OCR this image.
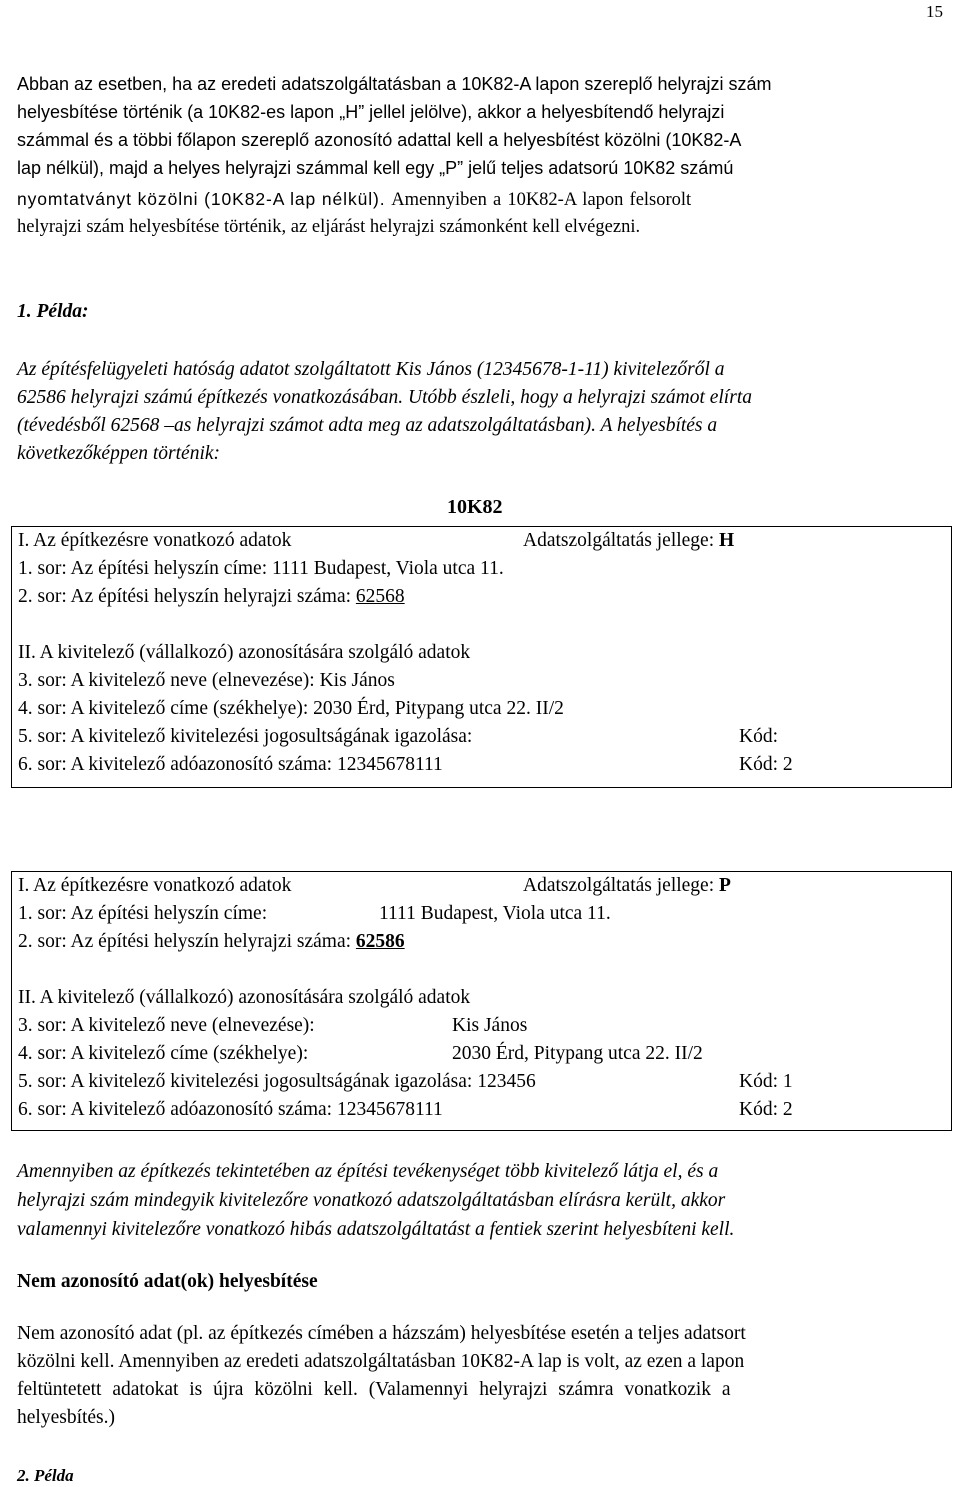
15

Abban az esetben, ha az eredeti adatszolgáltatásban a 10K82-A lapon szereplő helyrajzi szám

helyesbítése történik (a 10K82-es lapon „H” jellel jelölve), akkor a helyesbítendő helyrajzi

számmal és a többi főlapon szereplő azonosító adattal kell a helyesbítést közölni (10K82-A

lap nélkül), majd a helyes helyrajzi számmal kell egy „P” jelű teljes adatsorú 10K82 számú

nyomtatványt közölni (10K82-A lap nélkül). Amennyiben a 10K82-A lapon felsorolt

helyrajzi szám helyesbítése történik, az eljárást helyrajzi számonként kell elvégezni.

1. Példa:

Az építésfelügyeleti hatóság adatot szolgáltatott Kis János (12345678-1-11) kivitelezőről a

62586 helyrajzi számú építkezés vonatkozásában. Utóbb észleli, hogy a helyrajzi számot elírta

(tévedésből 62568 –as helyrajzi számot adta meg az adatszolgáltatásban). A helyesbítés a

következőképpen történik:

10K82
I. Az építkezésre vonatkozó adatok	Adatszolgáltatás jellege: H
1. sor: Az építési helyszín címe: 1111 Budapest, Viola utca 11.
2. sor: Az építési helyszín helyrajzi száma: 62568
II. A kivitelező (vállalkozó) azonosítására szolgáló adatok
3. sor: A kivitelező neve (elnevezése): Kis János
4. sor: A kivitelező címe (székhelye): 2030 Érd, Pitypang utca 22. II/2
5. sor: A kivitelező kivitelezési jogosultságának igazolása:	Kód:
6. sor: A kivitelező adóazonosító száma: 12345678111	Kód: 2
I. Az építkezésre vonatkozó adatok	Adatszolgáltatás jellege: P
1. sor: Az építési helyszín címe:	1111 Budapest, Viola utca 11.
2. sor: Az építési helyszín helyrajzi száma: 62586
II. A kivitelező (vállalkozó) azonosítására szolgáló adatok
3. sor: A kivitelező neve (elnevezése):	Kis János
4. sor: A kivitelező címe (székhelye):	2030 Érd, Pitypang utca 22. II/2
5. sor: A kivitelező kivitelezési jogosultságának igazolása: 123456	Kód: 1
6. sor: A kivitelező adóazonosító száma: 12345678111	Kód: 2

Amennyiben az építkezés tekintetében az építési tevékenységet több kivitelező látja el, és a

helyrajzi szám mindegyik kivitelezőre vonatkozó adatszolgáltatásban elírásra került, akkor

valamennyi kivitelezőre vonatkozó hibás adatszolgáltatást a fentiek szerint helyesbíteni kell.

Nem azonosító adat(ok) helyesbítése

Nem azonosító adat (pl. az építkezés címében a házszám) helyesbítése esetén a teljes adatsort

közölni kell. Amennyiben az eredeti adatszolgáltatásban 10K82-A lap is volt, az ezen a lapon

feltüntetett adatokat is újra közölni kell. (Valamennyi helyrajzi számra vonatkozik a

helyesbítés.)

2. Példa
